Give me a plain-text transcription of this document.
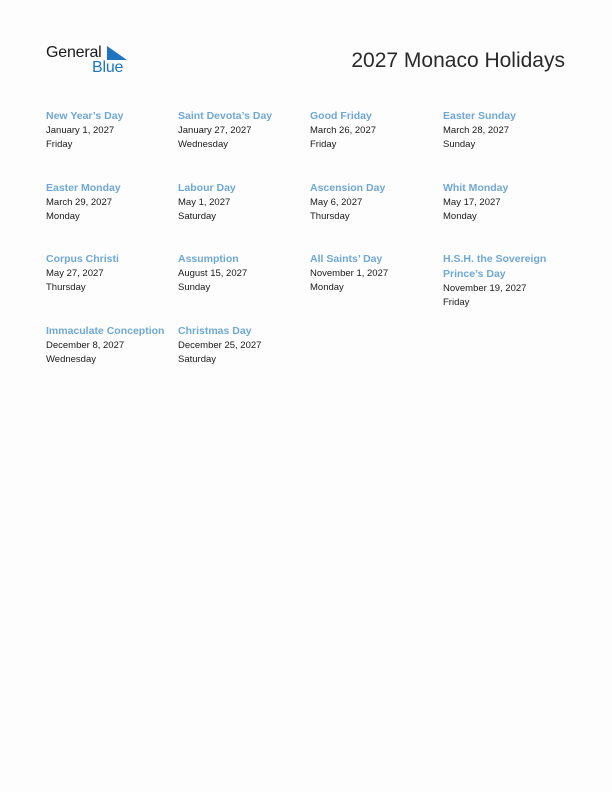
General
Blue	2027 Monaco Holidays

New Year’s Day

January 1, 2027

Friday

Saint Devota’s Day

January 27, 2027

Wednesday

Good Friday

March 26, 2027

Friday

Easter Sunday

March 28, 2027

Sunday

Easter Monday

March 29, 2027

Monday

Labour Day

May 1, 2027

Saturday

Ascension Day

May 6, 2027

Thursday

Whit Monday

May 17, 2027

Monday

Corpus Christi

May 27, 2027

Thursday

Assumption

August 15, 2027

Sunday

All Saints’ Day

November 1, 2027

Monday

H.S.H. the Sovereign Prince’s Day

November 19, 2027

Friday

Immaculate Conception

December 8, 2027

Wednesday

Christmas Day

December 25, 2027

Saturday
